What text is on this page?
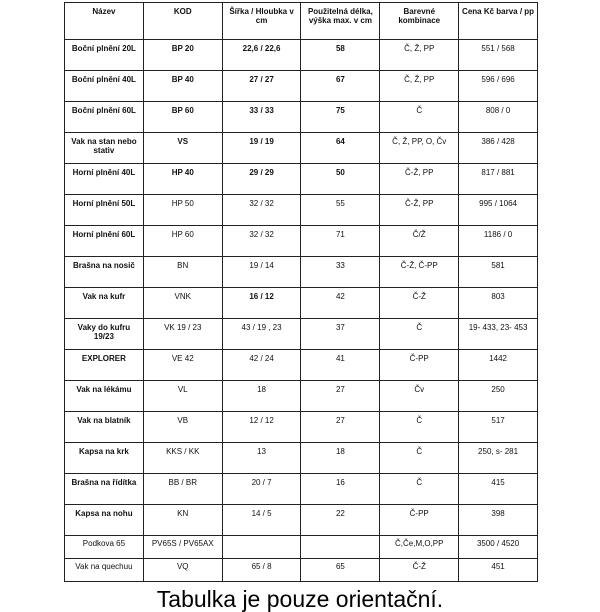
Název	KOD	Šířka / Hloubka v cm	Použitelná délka, výška max. v cm	Barevné kombinace	Cena Kč barva / pp
Boční plnění 20L	BP 20	22,6 / 22,6	58	Č, Ž, PP	551 / 568
Boční plnění 40L	BP 40	27 / 27	67	Č, Ž, PP	596 / 696
Boční plnění 60L	BP 60	33 / 33	75	Č	808 / 0
Vak na stan nebo stativ	VS	19 / 19	64	Č, Ž, PP, O, Čv	386 / 428
Horní plnění 40L	HP 40	29 / 29	50	Č-Ž, PP	817 / 881
Horní plnění 50L	HP 50	32 / 32	55	Č-Ž, PP	995 / 1064
Horní plnění 60L	HP 60	32 / 32	71	Č/Ž	1186 / 0
Brašna na nosič	BN	19 / 14	33	Č-Ž, Č-PP	581
Vak na kufr	VNK	16 / 12	42	Č-Ž	803
Vaky do kufru 19/23	VK 19 / 23	43 / 19 , 23	37	Č	19- 433, 23- 453
EXPLORER	VE 42	42 / 24	41	Č-PP	1442
Vak na lékámu	VL	18	27	Čv	250
Vak na blatník	VB	12 / 12	27	Č	517
Kapsa na krk	KKS / KK	13	18	Č	250, s- 281
Brašna na řídítka	BB / BR	20 / 7	16	Č	415
Kapsa na nohu	KN	14 / 5	22	Č-PP	398
Podkova 65	PV65S / PV65AX			Č,Če,M,O,PP	3500 / 4520
Vak na quechuu	VQ	65 / 8	65	Č-Ž	451
Tabulka je pouze orientační.
